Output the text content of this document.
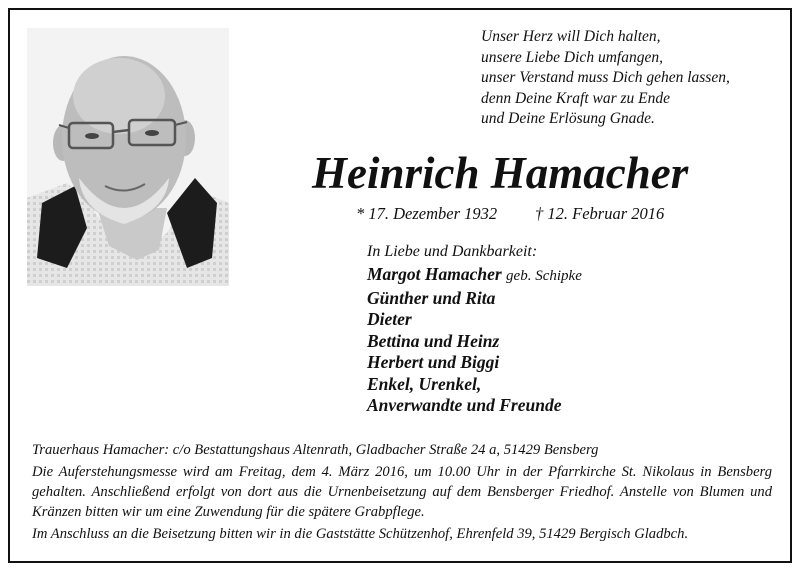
Unser Herz will Dich halten,
unsere Liebe Dich umfangen,
unser Verstand muss Dich gehen lassen,
denn Deine Kraft war zu Ende
und Deine Erlösung Gnade.
Heinrich Hamacher
* 17. Dezember 1932 † 12. Februar 2016
In Liebe und Dankbarkeit:
Margot Hamacher geb. Schipke
Günther und Rita
Dieter
Bettina und Heinz
Herbert und Biggi
Enkel, Urenkel,
Anverwandte und Freunde
Trauerhaus Hamacher: c/o Bestattungshaus Altenrath, Gladbacher Straße 24 a, 51429 Bensberg
Die Auferstehungsmesse wird am Freitag, dem 4. März 2016, um 10.00 Uhr in der Pfarrkirche St. Nikolaus in Bensberg gehalten. Anschließend erfolgt von dort aus die Urnenbeisetzung auf dem Bensberger Friedhof. Anstelle von Blumen und Kränzen bitten wir um eine Zuwendung für die spätere Grabpflege.
Im Anschluss an die Beisetzung bitten wir in die Gaststätte Schützenhof, Ehrenfeld 39, 51429 Bergisch Gladbch.
